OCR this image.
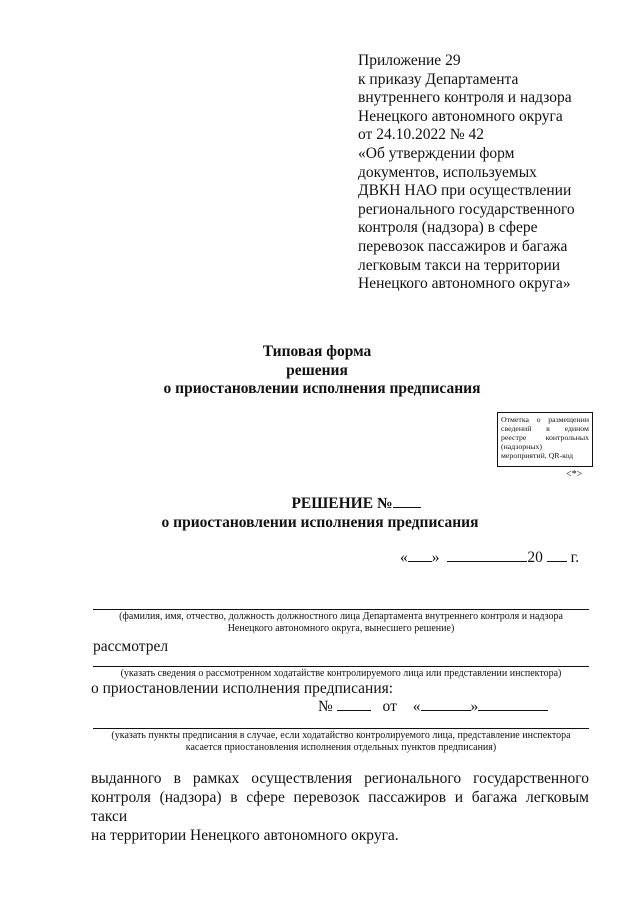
Приложение 29
к приказу Департамента
внутреннего контроля и надзора
Ненецкого автономного округа
от 24.10.2022 № 42
«Об утверждении форм
документов, используемых
ДВКН НАО при осуществлении
регионального государственного
контроля (надзора) в сфере
перевозок пассажиров и багажа
легковым такси на территории
Ненецкого автономного округа»
Типовая форма
решения
о приостановлении исполнения предписания
Отметка о размещении сведений в едином реестре контрольных (надзорных) мероприятий, QR-код
<*>
РЕШЕНИЕ №
о приостановлении исполнения предписания
« »	20 г.
(фамилия, имя, отчество, должность должностного лица Департамента внутреннего контроля и надзора
Ненецкого автономного округа, вынесшего решение)
рассмотрел
(указать сведения о рассмотренном ходатайстве контролируемого лица или представлении инспектора)
о приостановлении исполнения предписания:
№	от «	»
(указать пункты предписания в случае, если ходатайство контролируемого лица, представление инспектора
касается приостановления исполнения отдельных пунктов предписания)
выданного в рамках осуществления регионального государственного
контроля (надзора) в сфере перевозок пассажиров и багажа легковым такси
на территории Ненецкого автономного округа.
